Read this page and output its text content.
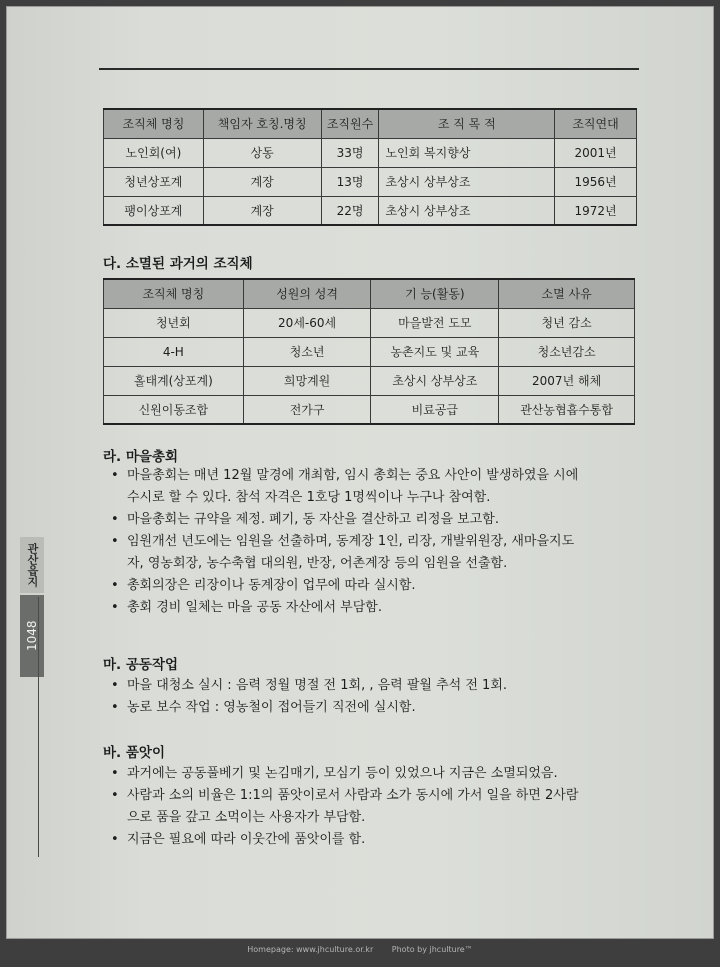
조직체 명칭	책임자 호칭.명칭	조직원수	조 직 목 적	조직연대
노인회(여)	상동	33명	노인회 복지향상	2001년
청년상포계	계장	13명	초상시 상부상조	1956년
팽이상포계	계장	22명	초상시 상부상조	1972년
다. 소멸된 과거의 조직체
조직체 명칭	성원의 성격	기 능(활동)	소멸 사유
청년회	20세-60세	마을발전 도모	청년 감소
4-H	청소년	농촌지도 및 교육	청소년감소
홀태계(상포계)	희망계원	초상시 상부상조	2007년 해체
신원이동조합	전가구	비료공급	관산농협흡수통합
라. 마을총회
• 마을총회는 매년 12월 말경에 개최함, 임시 총회는 중요 사안이 발생하였을 시에
수시로 할 수 있다. 참석 자격은 1호당 1명씩이나 누구나 참여함.
• 마을총회는 규약을 제정. 폐기, 동 자산을 결산하고 리정을 보고함.
• 임원개선 년도에는 임원을 선출하며, 동계장 1인, 리장, 개발위원장, 새마을지도
자, 영농회장, 농수축협 대의원, 반장, 어촌계장 등의 임원을 선출함.
• 총회의장은 리장이나 동계장이 업무에 따라 실시함.
• 총회 경비 일체는 마을 공동 자산에서 부담함.
마. 공동작업
• 마을 대청소 실시 : 음력 정월 명절 전 1회, , 음력 팔월 추석 전 1회.
• 농로 보수 작업 : 영농철이 접어들기 직전에 실시함.
바. 품앗이
• 과거에는 공동풀베기 및 논김매기, 모심기 등이 있었으나 지금은 소멸되었음.
• 사람과 소의 비율은 1:1의 품앗이로서 사람과 소가 동시에 가서 일을 하면 2사람
으로 품을 갚고 소먹이는 사용자가 부담함.
• 지금은 필요에 따라 이웃간에 품앗이를 함.
관산읍지
1048
Homepage: www.jhculture.or.kr Photo by jhculture™
